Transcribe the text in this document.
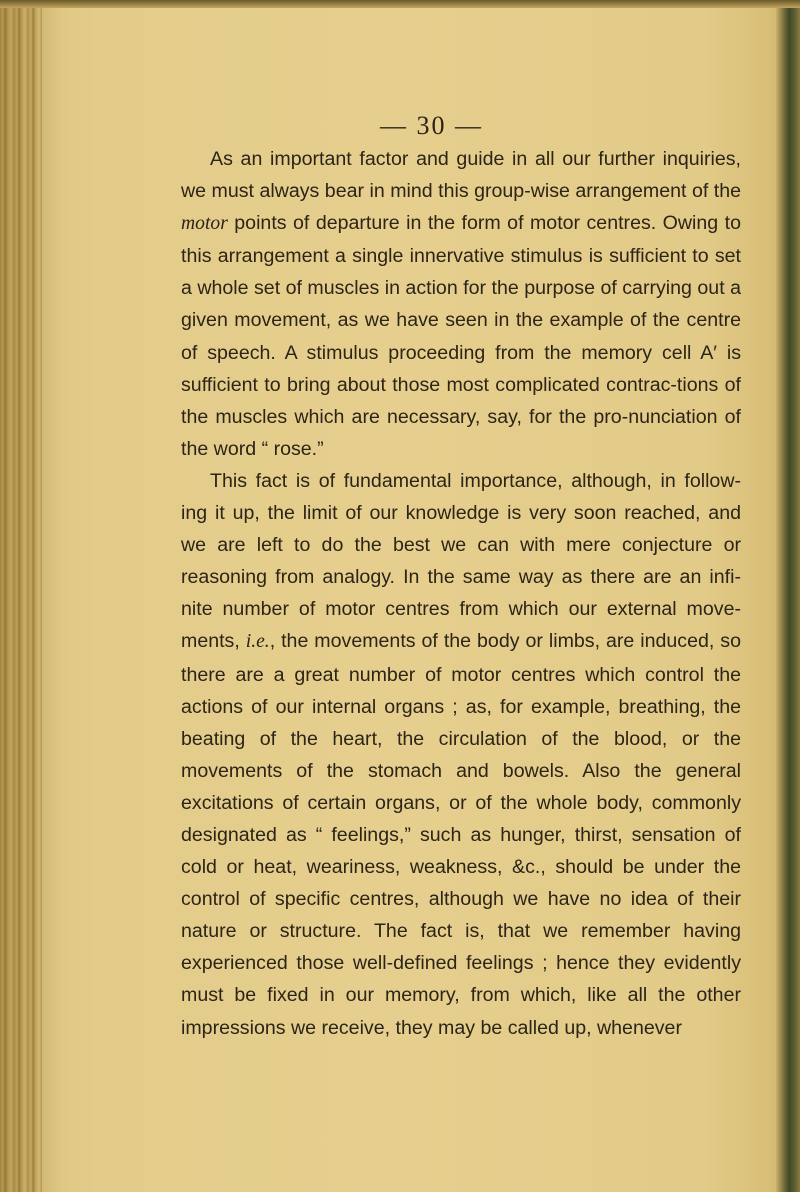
— 30 —

As an important factor and guide in all our further inquiries, we must always bear in mind this group-wise arrangement of the motor points of departure in the form of motor centres. Owing to this arrangement a single innervative stimulus is sufficient to set a whole set of muscles in action for the purpose of carrying out a given movement, as we have seen in the example of the centre of speech. A stimulus proceeding from the memory cell A′ is sufficient to bring about those most complicated contrac-tions of the muscles which are necessary, say, for the pro-nunciation of the word “ rose.”

This fact is of fundamental importance, although, in follow-ing it up, the limit of our knowledge is very soon reached, and we are left to do the best we can with mere conjecture or reasoning from analogy. In the same way as there are an infi-nite number of motor centres from which our external move-ments, i.e., the movements of the body or limbs, are induced, so there are a great number of motor centres which control the actions of our internal organs ; as, for example, breathing, the beating of the heart, the circulation of the blood, or the movements of the stomach and bowels. Also the general excitations of certain organs, or of the whole body, commonly designated as “ feelings,” such as hunger, thirst, sensation of cold or heat, weariness, weakness, &c., should be under the control of specific centres, although we have no idea of their nature or structure. The fact is, that we remember having experienced those well-defined feelings ; hence they evidently must be fixed in our memory, from which, like all the other impressions we receive, they may be called up, whenever
